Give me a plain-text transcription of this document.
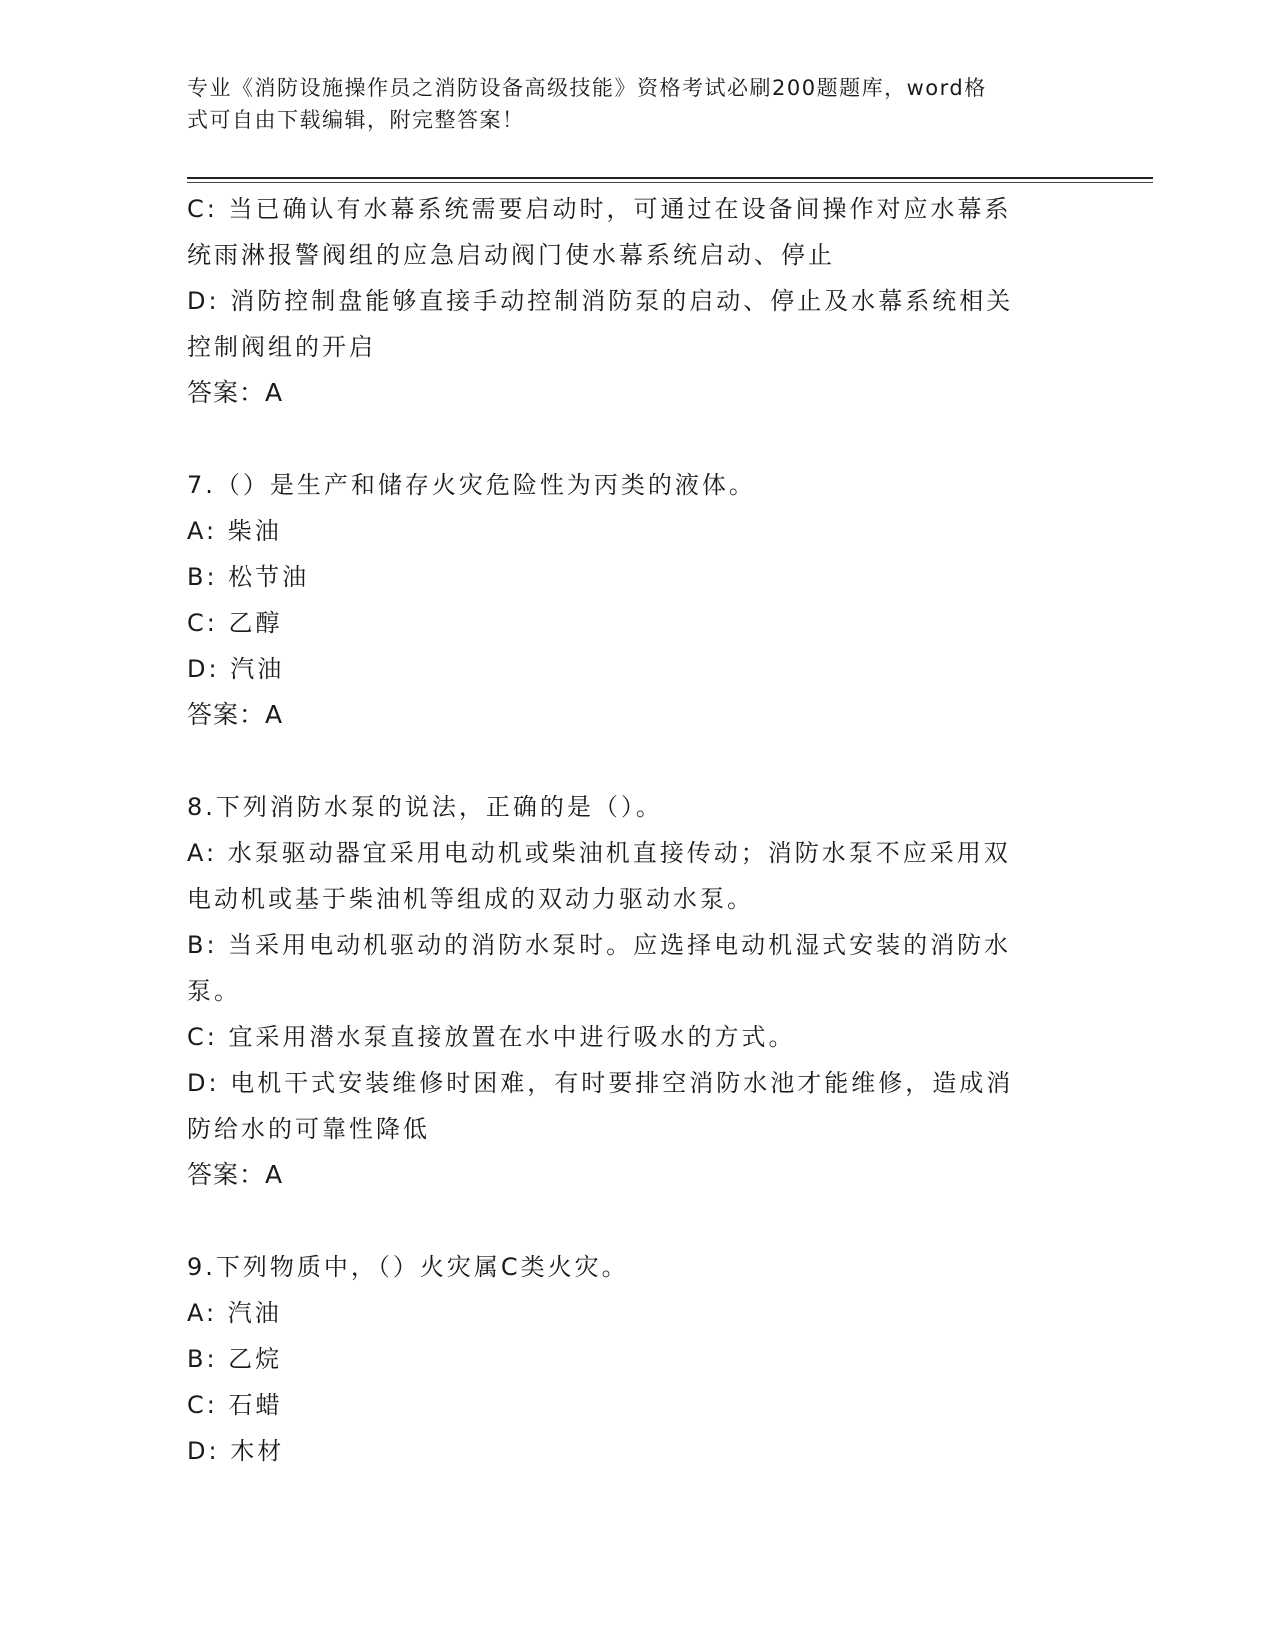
专业《消防设施操作员之消防设备高级技能》资格考试必刷200题题库，word格
式可自由下载编辑，附完整答案！
C: 当已确认有水幕系统需要启动时，可通过在设备间操作对应水幕系
统雨淋报警阀组的应急启动阀门使水幕系统启动、停止
D: 消防控制盘能够直接手动控制消防泵的启动、停止及水幕系统相关
控制阀组的开启
答案：A
7.（）是生产和储存火灾危险性为丙类的液体。
A: 柴油
B: 松节油
C: 乙醇
D: 汽油
答案：A
8.下列消防水泵的说法，正确的是（）。
A: 水泵驱动器宜采用电动机或柴油机直接传动；消防水泵不应采用双
电动机或基于柴油机等组成的双动力驱动水泵。
B: 当采用电动机驱动的消防水泵时。应选择电动机湿式安装的消防水
泵。
C: 宜采用潜水泵直接放置在水中进行吸水的方式。
D: 电机干式安装维修时困难，有时要排空消防水池才能维修，造成消
防给水的可靠性降低
答案：A
9.下列物质中，（）火灾属C类火灾。
A: 汽油
B: 乙烷
C: 石蜡
D: 木材
